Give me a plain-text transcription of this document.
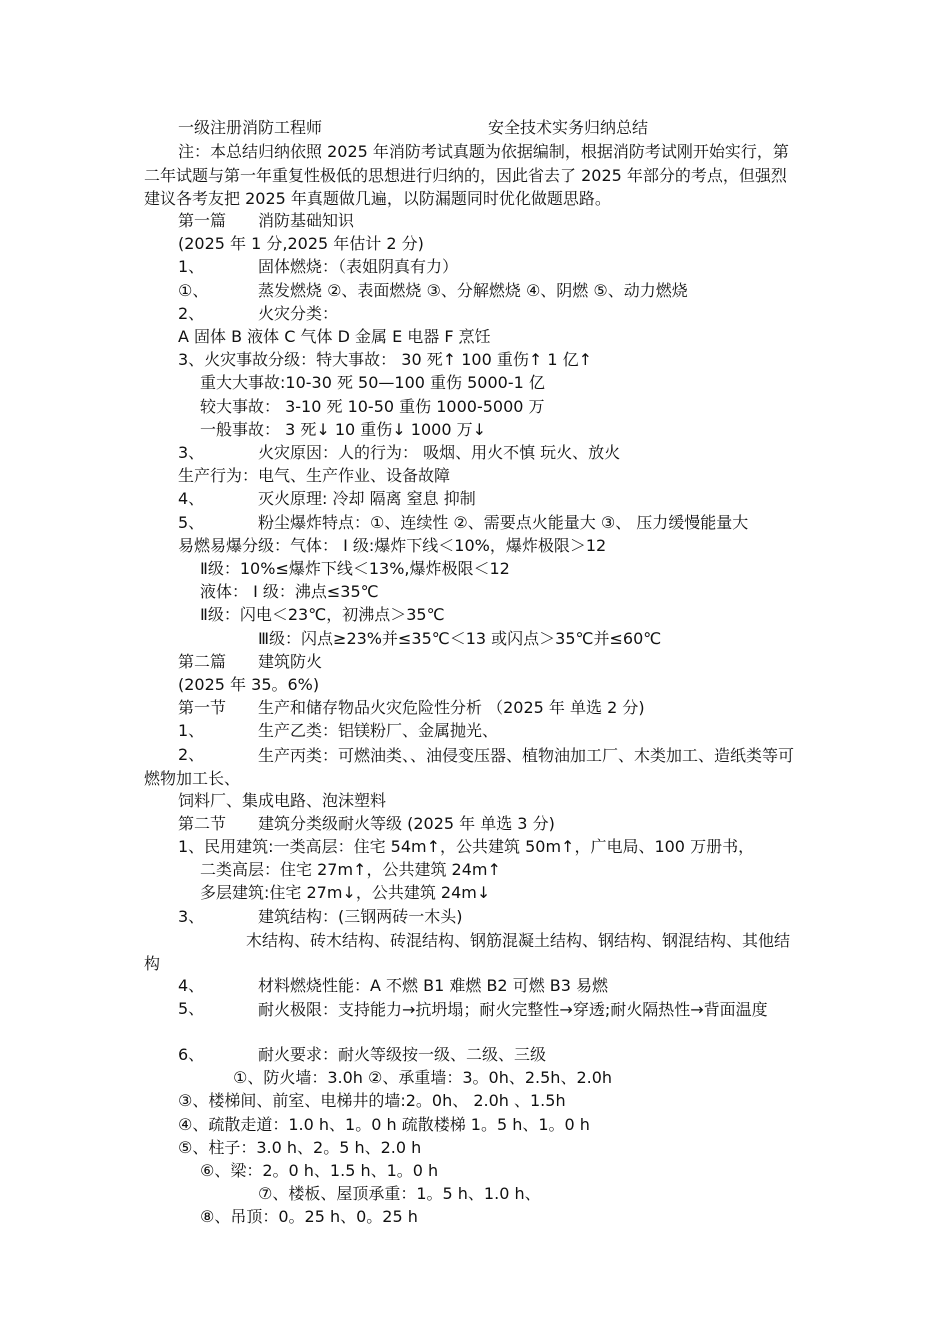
一级注册消防工程师	安全技术实务归纳总结
注：本总结归纳依照 2025 年消防考试真题为依据编制，根据消防考试刚开始实行，第二年试题与第一年重复性极低的思想进行归纳的，因此省去了 2025 年部分的考点，但强烈建议各考友把 2025 年真题做几遍，以防漏题同时优化做题思路。
第一篇 消防基础知识
(2025 年 1 分,2025 年估计 2 分)
1、	固体燃烧：（表姐阴真有力）
①、	蒸发燃烧 ②、表面燃烧 ③、分解燃烧 ④、阴燃 ⑤、动力燃烧
2、	火灾分类：
A 固体 B 液体 C 气体 D 金属 E 电器 F 烹饪
3、火灾事故分级：特大事故： 30 死↑ 100 重伤↑ 1 亿↑
重大大事故:10-30 死 50—100 重伤 5000-1 亿
较大事故： 3-10 死 10-50 重伤 1000-5000 万
一般事故： 3 死↓ 10 重伤↓ 1000 万↓
3、	火灾原因：人的行为： 吸烟、用火不慎 玩火、放火
生产行为：电气、生产作业、设备故障
4、	灭火原理: 冷却 隔离 窒息 抑制
5、	粉尘爆炸特点：①、连续性 ②、需要点火能量大 ③、 压力缓慢能量大
易燃易爆分级：气体： I 级:爆炸下线＜10%，爆炸极限＞12
Ⅱ级：10%≤爆炸下线＜13%,爆炸极限＜12
液体： I 级：沸点≤35℃
Ⅱ级：闪电＜23℃，初沸点＞35℃
Ⅲ级：闪点≥23%并≤35℃＜13 或闪点＞35℃并≤60℃
第二篇 建筑防火
(2025 年 35。6%)
第一节 生产和储存物品火灾危险性分析 （2025 年 单选 2 分)
1、	生产乙类：铝镁粉厂、金属抛光、
2、	生产丙类：可燃油类、、油侵变压器、植物油加工厂、木类加工、造纸类等可燃物加工长、
饲料厂、集成电路、泡沫塑料
第二节 建筑分类级耐火等级 (2025 年 单选 3 分)
1、民用建筑:一类高层：住宅 54m↑，公共建筑 50m↑，广电局、100 万册书，
二类高层：住宅 27m↑，公共建筑 24m↑
多层建筑:住宅 27m↓，公共建筑 24m↓
3、	建筑结构：(三钢两砖一木头)
木结构、砖木结构、砖混结构、钢筋混凝土结构、钢结构、钢混结构、其他结构
4、	材料燃烧性能：A 不燃 B1 难燃 B2 可燃 B3 易燃
5、	耐火极限：支持能力→抗坍塌；耐火完整性→穿透;耐火隔热性→背面温度
6、	耐火要求：耐火等级按一级、二级、三级
①、防火墙：3.0h ②、承重墙：3。0h、2.5h、2.0h
③、楼梯间、前室、电梯井的墙:2。0h、 2.0h 、1.5h
④、疏散走道：1.0 h、1。0 h 疏散楼梯 1。5 h、1。0 h
⑤、柱子：3.0 h、2。5 h、2.0 h
⑥、梁：2。0 h、1.5 h、1。0 h
⑦、楼板、屋顶承重：1。5 h、1.0 h、
⑧、吊顶：0。25 h、0。25 h
